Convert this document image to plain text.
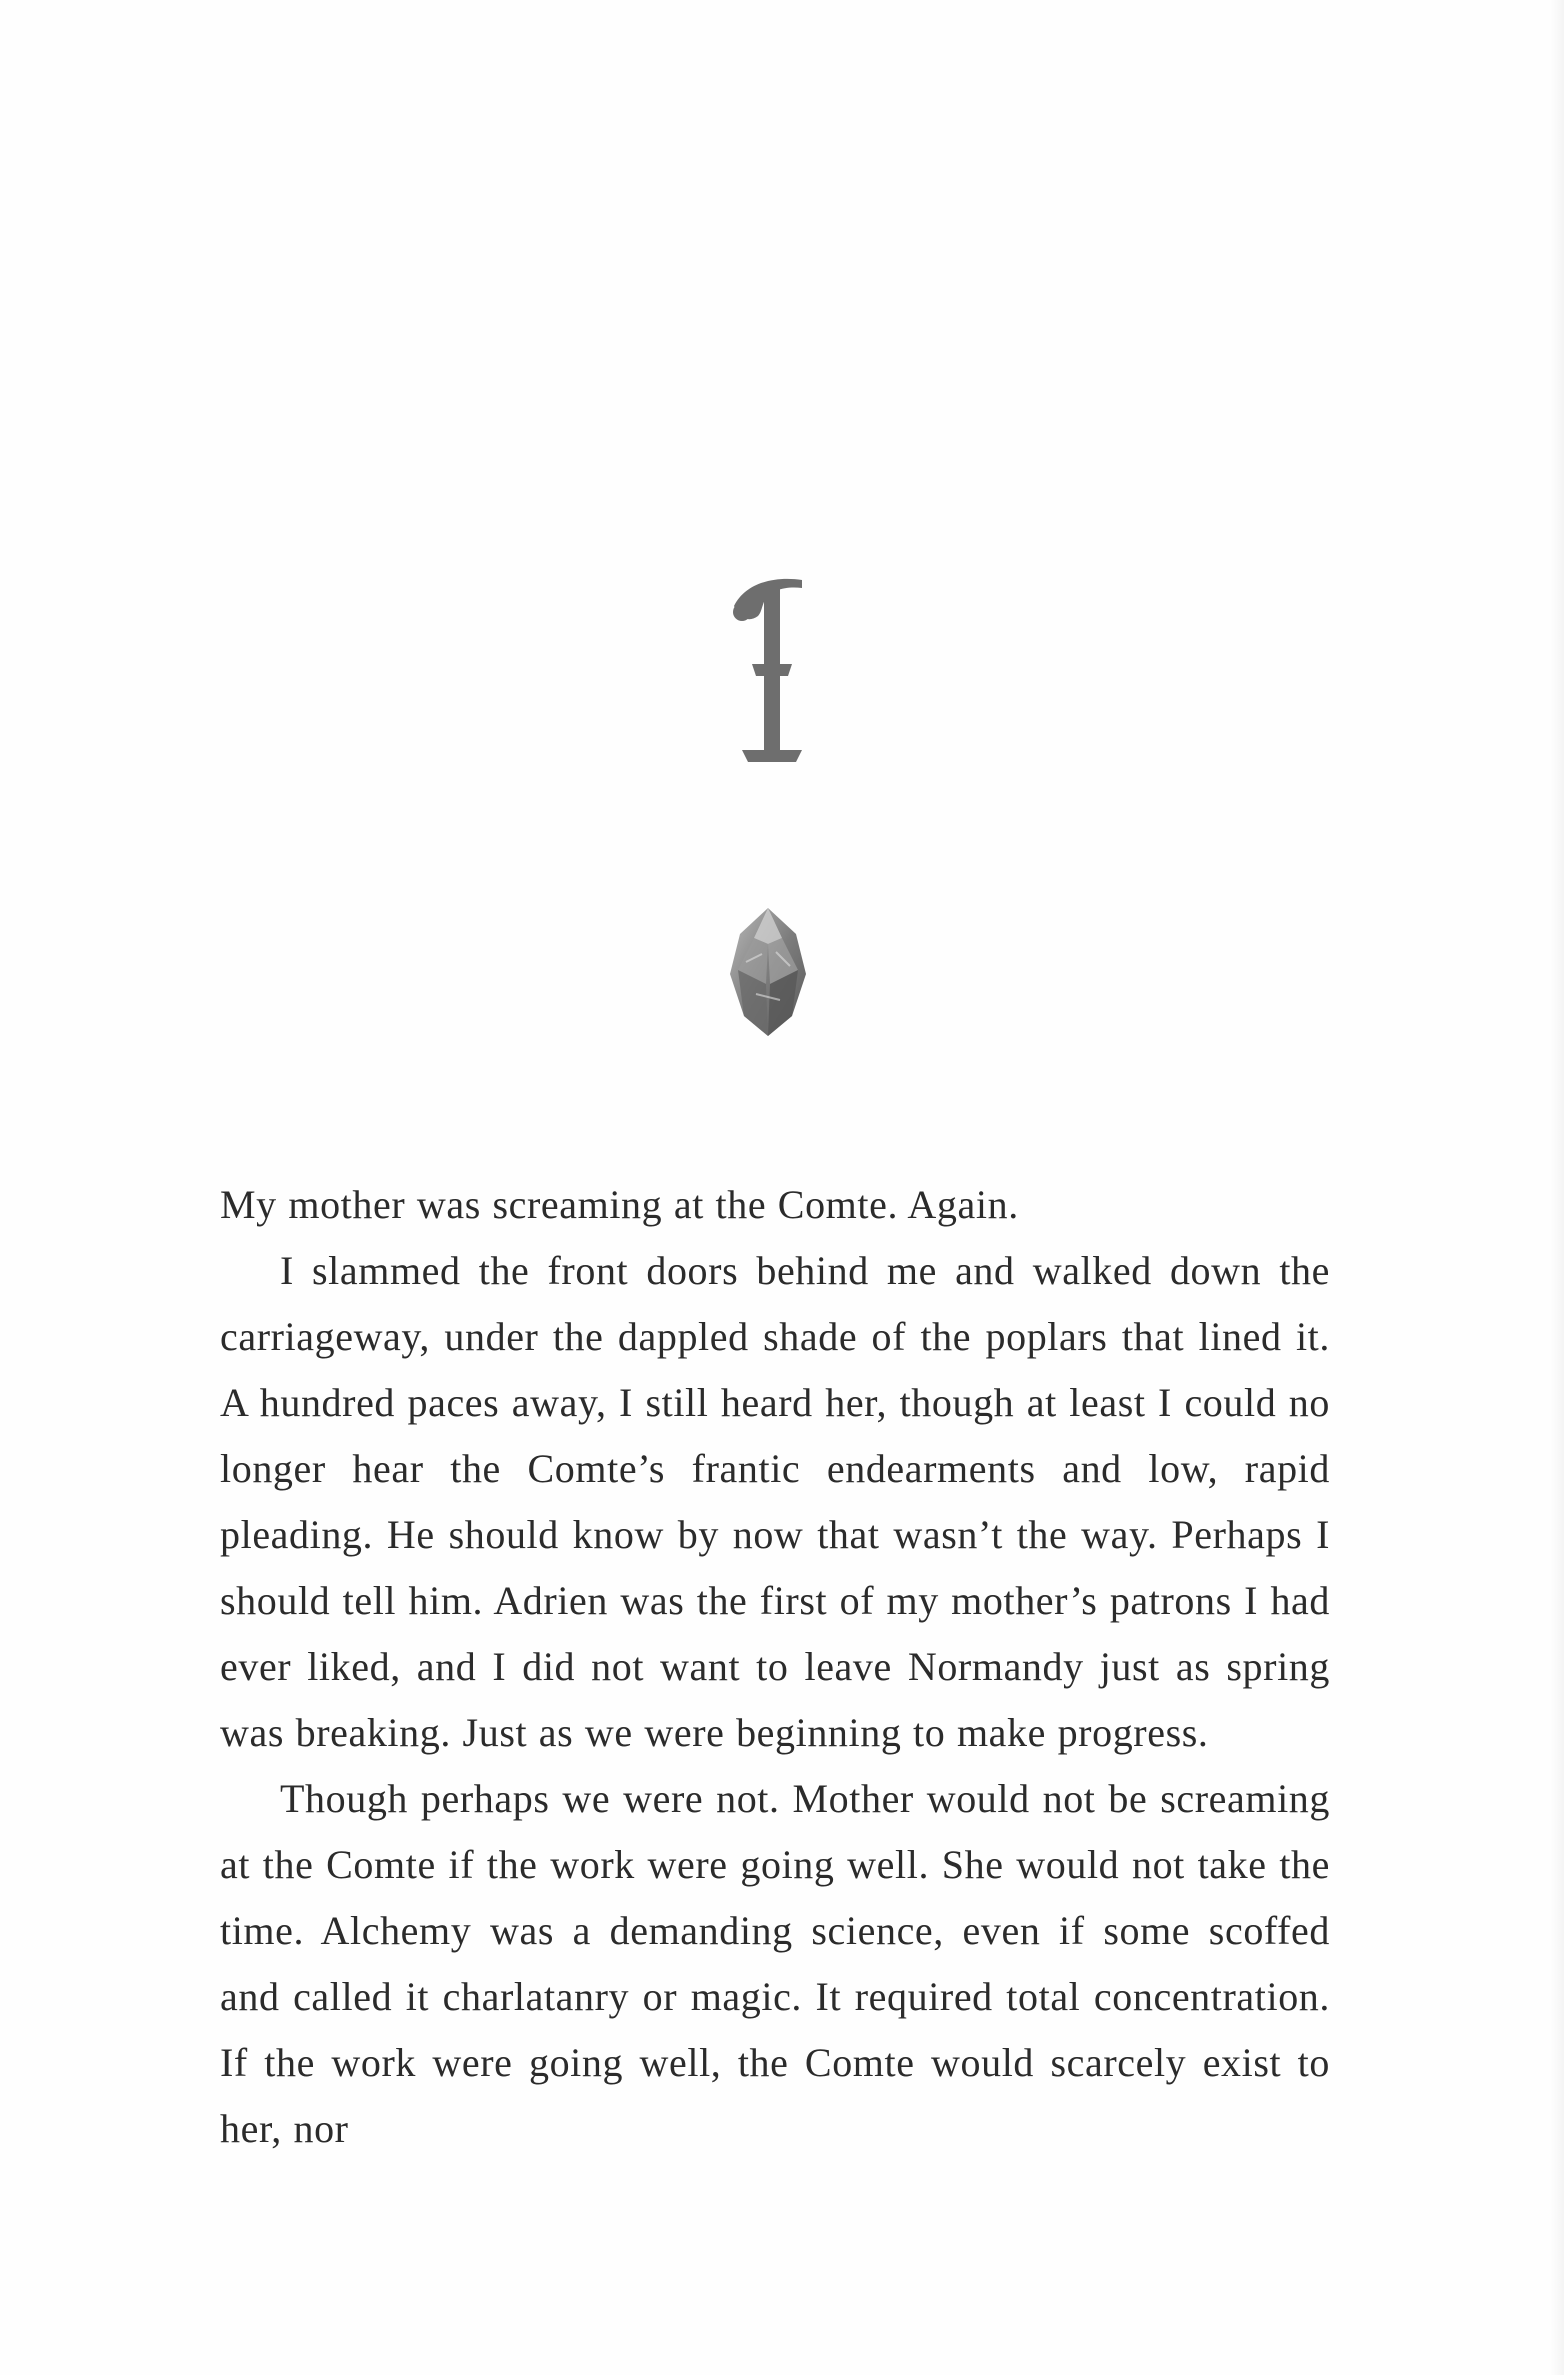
My mother was screaming at the Comte. Again.

I slammed the front doors behind me and walked down the carriageway, under the dappled shade of the poplars that lined it. A hundred paces away, I still heard her, though at least I could no longer hear the Comte’s frantic endearments and low, rapid pleading. He should know by now that wasn’t the way. Perhaps I should tell him. Adrien was the first of my mother’s patrons I had ever liked, and I did not want to leave Normandy just as spring was breaking. Just as we were beginning to make progress.

Though perhaps we were not. Mother would not be screaming at the Comte if the work were going well. She would not take the time. Alchemy was a demanding science, even if some scoffed and called it charlatanry or magic. It required total concentration. If the work were going well, the Comte would scarcely exist to her, nor
